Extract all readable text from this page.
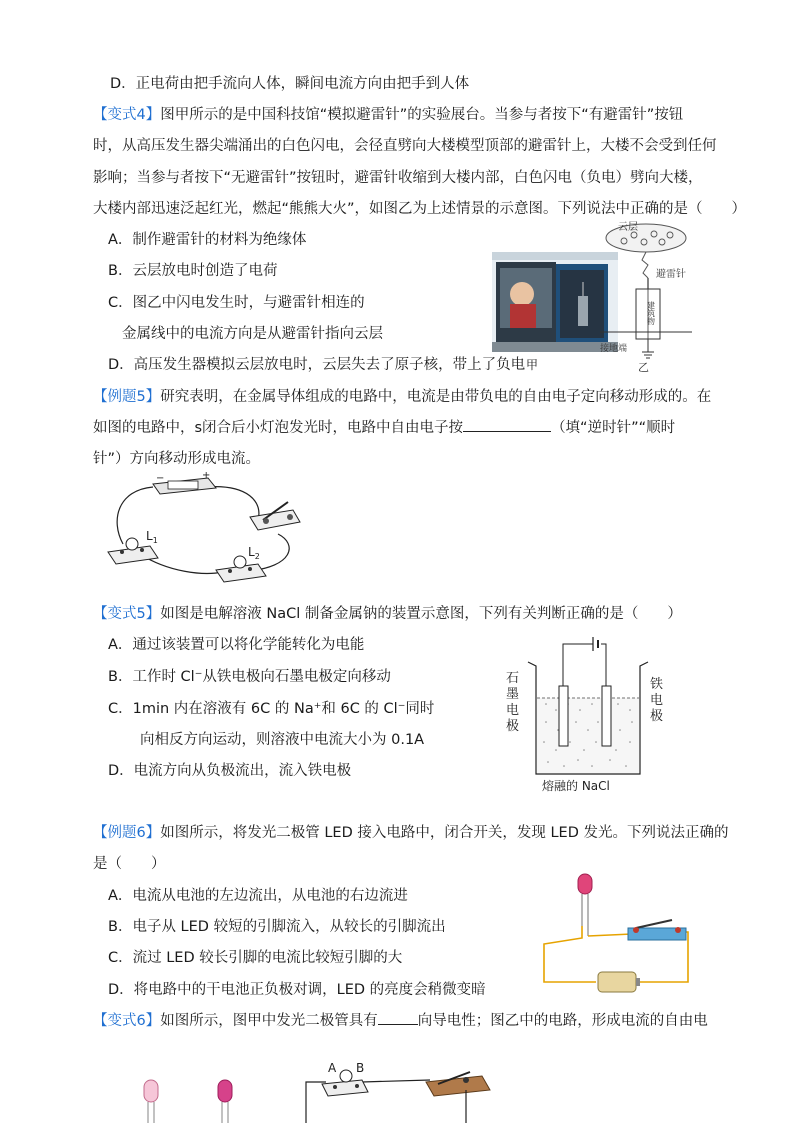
D．正电荷由把手流向人体，瞬间电流方向由把手到人体
【变式4】图甲所示的是中国科技馆“模拟避雷针”的实验展台。当参与者按下“有避雷针”按钮
时，从高压发生器尖端涌出的白色闪电，会径直劈向大楼模型顶部的避雷针上，大楼不会受到任何
影响；当参与者按下“无避雷针”按钮时，避雷针收缩到大楼内部，白色闪电（负电）劈向大楼，
大楼内部迅速泛起红光，燃起“熊熊大火”，如图乙为上述情景的示意图。下列说法中正确的是（　　）
A．制作避雷针的材料为绝缘体
B．云层放电时创造了电荷
C．图乙中闪电发生时，与避雷针相连的
金属线中的电流方向是从避雷针指向云层
D．高压发生器模拟云层放电时，云层失去了原子核，带上了负电 甲
【例题5】研究表明，在金属导体组成的电路中，电流是由带负电的自由电子定向移动形成的。在
如图的电路中，s闭合后小灯泡发光时，电路中自由电子按	（填“逆时针”“顺时
针”）方向移动形成电流。
【变式5】如图是电解溶液 NaCl 制备金属钠的装置示意图，下列有关判断正确的是（　　）
A．通过该装置可以将化学能转化为电能
B．工作时 Cl⁻从铁电极向石墨电极定向移动
C．1min 内在溶液有 6C 的 Na⁺和 6C 的 Cl⁻同时
向相反方向运动，则溶液中电流大小为 0.1A
D．电流方向从负极流出，流入铁电极
【例题6】如图所示，将发光二极管 LED 接入电路中，闭合开关，发现 LED 发光。下列说法正确的
是（　　）
A．电流从电池的左边流出，从电池的右边流进
B．电子从 LED 较短的引脚流入，从较长的引脚流出
C．流过 LED 较长引脚的电流比较短引脚的大
D．将电路中的干电池正负极对调，LED 的亮度会稍微变暗
【变式6】如图所示，图甲中发光二极管具有	向导电性；图乙中的电路，形成电流的自由电
云层
避雷针
建筑物
接地端
乙
−	+
$L_1$
$L_2$
石
墨
电
极
铁
电
极
熔融的 NaCl
A B
